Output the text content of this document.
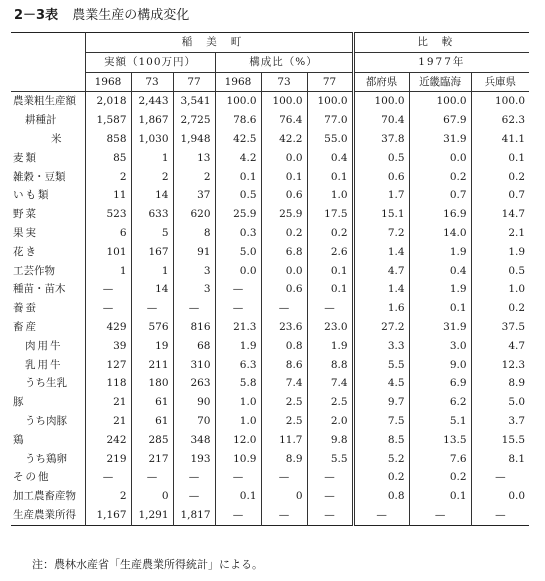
2－3表 農業生産の構成変化
	稲美町						比較		
	実額（100万円）			構成比（%）			1977年		
	1968	73	77	1968	73	77	都府県	近畿臨海	兵庫県
農業粗生産額	2,018	2,443	3,541	100.0	100.0	100.0	100.0	100.0	100.0
耕種計	1,587	1,867	2,725	78.6	76.4	77.0	70.4	67.9	62.3
米	858	1,030	1,948	42.5	42.2	55.0	37.8	31.9	41.1
麦類	85	1	13	4.2	0.0	0.4	0.5	0.0	0.1
雑穀・豆類	2	2	2	0.1	0.1	0.1	0.6	0.2	0.2
いも類	11	14	37	0.5	0.6	1.0	1.7	0.7	0.7
野菜	523	633	620	25.9	25.9	17.5	15.1	16.9	14.7
果実	6	5	8	0.3	0.2	0.2	7.2	14.0	2.1
花き	101	167	91	5.0	6.8	2.6	1.4	1.9	1.9
工芸作物	1	1	3	0.0	0.0	0.1	4.7	0.4	0.5
種苗・苗木	—	14	3	—	0.6	0.1	1.4	1.9	1.0
養蚕	—	—	—	—	—	—	1.6	0.1	0.2
畜産	429	576	816	21.3	23.6	23.0	27.2	31.9	37.5
肉用牛	39	19	68	1.9	0.8	1.9	3.3	3.0	4.7
乳用牛	127	211	310	6.3	8.6	8.8	5.5	9.0	12.3
うち生乳	118	180	263	5.8	7.4	7.4	4.5	6.9	8.9
豚	21	61	90	1.0	2.5	2.5	9.7	6.2	5.0
うち肉豚	21	61	70	1.0	2.5	2.0	7.5	5.1	3.7
鶏	242	285	348	12.0	11.7	9.8	8.5	13.5	15.5
うち鶏卵	219	217	193	10.9	8.9	5.5	5.2	7.6	8.1
その他	—	—	—	—	—	—	0.2	0.2	—
加工農畜産物	2	0	—	0.1	0	—	0.8	0.1	0.0
生産農業所得	1,167	1,291	1,817	—	—	—	—	—	—
注：農林水産省「生産農業所得統計」による。
